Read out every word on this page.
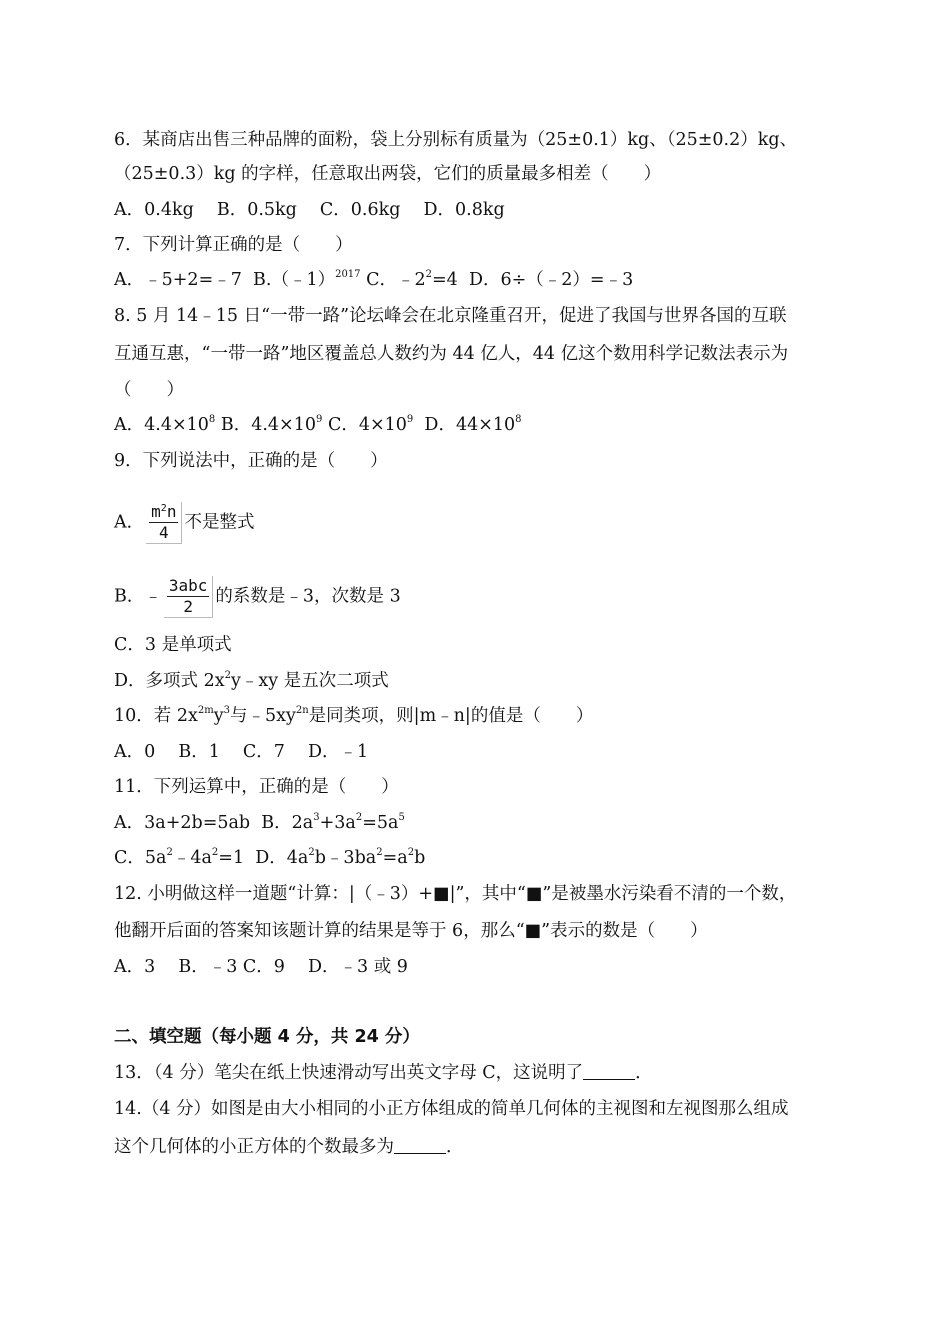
6．某商店出售三种品牌的面粉，袋上分别标有质量为（25±0.1）kg、（25±0.2）kg、
（25±0.3）kg 的字样，任意取出两袋，它们的质量最多相差（　　）
A．0.4kg　 B．0.5kg　 C．0.6kg　 D．0.8kg
7．下列计算正确的是（　　）
A．﹣5+2=﹣7 B.（﹣1）$^{2017}$ C．$﹣2^2=4$ D．6÷（﹣2）=﹣3
8. 5 月 14﹣15 日“一带一路”论坛峰会在北京隆重召开，促进了我国与世界各国的互联
互通互惠，“一带一路”地区覆盖总人数约为 44 亿人，44 亿这个数用科学记数法表示为
（　　）
A．$4.4\times 10^8$ B．$4.4\times 10^9$ C．$4\times 10^9$ D．$44\times 10^8$
9．下列说法中，正确的是（　　）
A． $\frac{m^2n}{4}$ 不是整式
B．﹣ $\frac{\text{3abc}}{2}$ 的系数是﹣3，次数是 3
C．3 是单项式
D．多项式 $2x^2y﹣xy$ 是五次二项式
10．若 $2x^{2m}y^3$与$﹣5xy^{2n}$是同类项，则|m﹣n|的值是（　　）
A．0　 B．1　 C．7　 D．﹣1
11．下列运算中，正确的是（　　）
A．3a+2b=5ab B．$2a^3+3a^2=5a^5$
C．$5a^2﹣4a^2=1$ D．$4a^2b﹣3ba^2=a^2b$
12. 小明做这样一道题“计算：|（﹣3）+■|”，其中“■”是被墨水污染看不清的一个数，
他翻开后面的答案知该题计算的结果是等于 6，那么“■”表示的数是（　　）
A．3　 B．﹣3 C．9　 D．﹣3 或 9
二、填空题（每小题 4 分，共 24 分）
13．（4 分）笔尖在纸上快速滑动写出英文字母 C，这说明了	．
14.（4 分）如图是由大小相同的小正方体组成的简单几何体的主视图和左视图那么组成
这个几何体的小正方体的个数最多为	．
